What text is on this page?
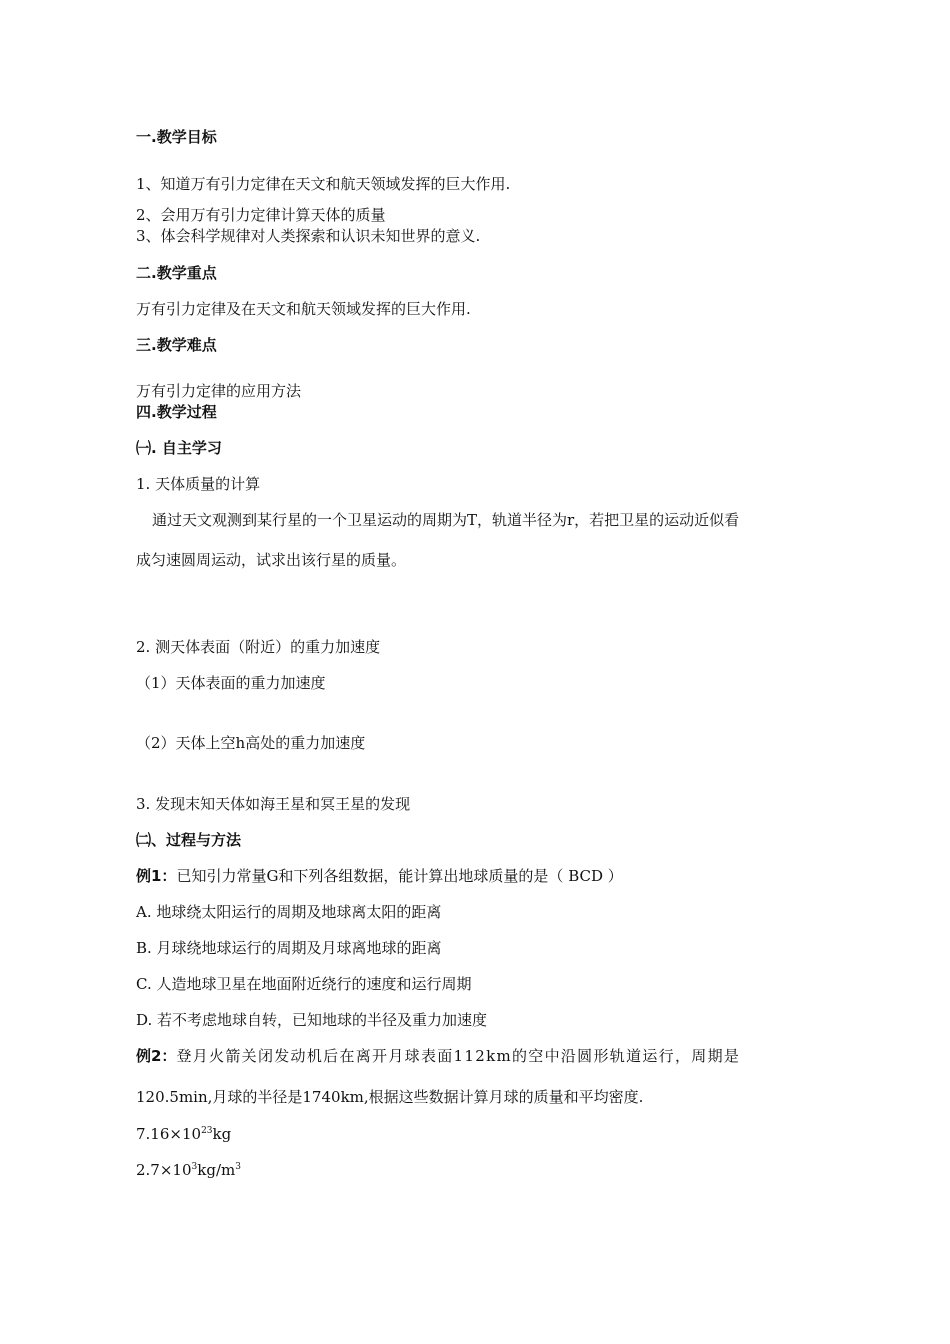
一.教学目标
1、知道万有引力定律在天文和航天领域发挥的巨大作用.
2、会用万有引力定律计算天体的质量
3、体会科学规律对人类探索和认识未知世界的意义.
二.教学重点
万有引力定律及在天文和航天领域发挥的巨大作用.
三.教学难点
万有引力定律的应用方法
四.教学过程
㈠. 自主学习
1. 天体质量的计算
通过天文观测到某行星的一个卫星运动的周期为T，轨道半径为r，若把卫星的运动近似看
成匀速圆周运动，试求出该行星的质量。
2. 测天体表面（附近）的重力加速度
（1）天体表面的重力加速度
（2）天体上空h高处的重力加速度
3. 发现末知天体如海王星和冥王星的发现
㈡、过程与方法
例1：已知引力常量G和下列各组数据，能计算出地球质量的是（ BCD ）
A. 地球绕太阳运行的周期及地球离太阳的距离
B. 月球绕地球运行的周期及月球离地球的距离
C. 人造地球卫星在地面附近绕行的速度和运行周期
D. 若不考虑地球自转，已知地球的半径及重力加速度
例2：登月火箭关闭发动机后在离开月球表面112km的空中沿圆形轨道运行，周期是
120.5min,月球的半径是1740km,根据这些数据计算月球的质量和平均密度.
$7.16\times 10^{23}kg$
$2.7\times 10^3kg/m^3$
